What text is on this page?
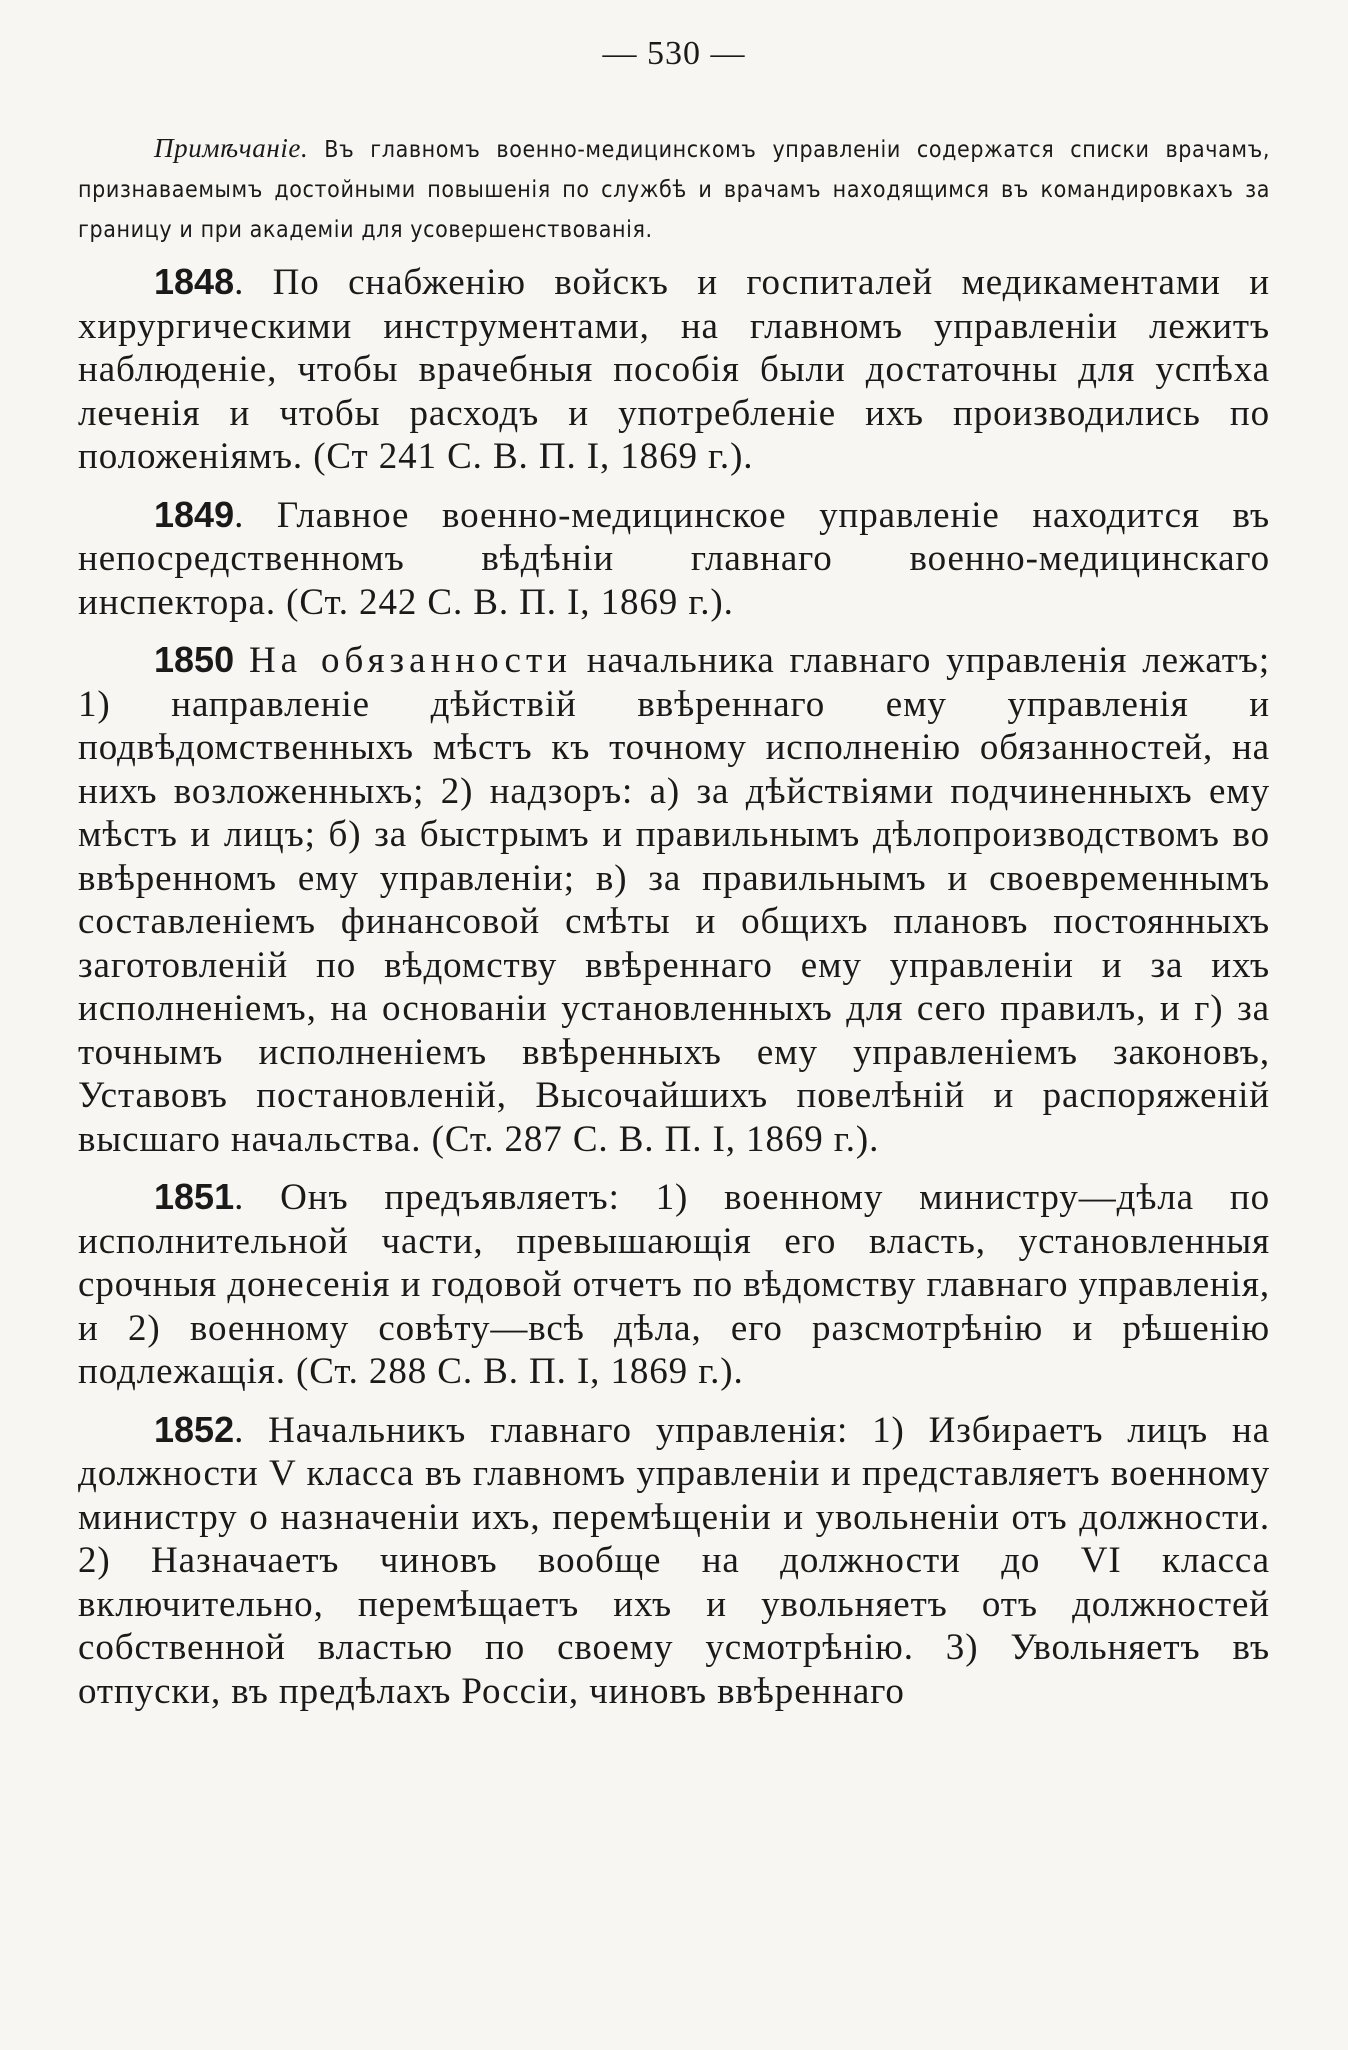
— 530 —

Примѣчаніе. Въ главномъ военно-медицинскомъ управленіи содержатся списки врачамъ, признаваемымъ достойными повышенія по службѣ и врачамъ находящимся въ командировкахъ за границу и при академіи для усовершенствованія.

1848. По снабженію войскъ и госпиталей медикаментами и хирургическими инструментами, на главномъ управленіи лежитъ наблюденіе, чтобы врачебныя пособія были достаточны для успѣха леченія и чтобы расходъ и употребленіе ихъ производились по положеніямъ. (Ст 241 С. В. П. I, 1869 г.).

1849. Главное военно-медицинское управленіе находится въ непосредственномъ вѣдѣніи главнаго военно-медицинскаго инспектора. (Ст. 242 С. В. П. I, 1869 г.).

1850 На обязанности начальника главнаго управленія лежатъ; 1) направленіе дѣйствій ввѣреннаго ему управленія и подвѣдомственныхъ мѣстъ къ точному исполненію обязанностей, на нихъ возложенныхъ; 2) надзоръ: а) за дѣйствіями подчиненныхъ ему мѣстъ и лицъ; б) за быстрымъ и правильнымъ дѣлопроизводствомъ во ввѣренномъ ему управленіи; в) за правильнымъ и своевременнымъ составленіемъ финансовой смѣты и общихъ плановъ постоянныхъ заготовленій по вѣдомству ввѣреннаго ему управленіи и за ихъ исполненіемъ, на основаніи установленныхъ для сего правилъ, и г) за точнымъ исполненіемъ ввѣренныхъ ему управленіемъ законовъ, Уставовъ постановленій, Высочайшихъ повелѣній и распоряженій высшаго начальства. (Ст. 287 С. В. П. I, 1869 г.).

1851. Онъ предъявляетъ: 1) военному министру—дѣла по исполнительной части, превышающія его власть, установленныя срочныя донесенія и годовой отчетъ по вѣдомству главнаго управленія, и 2) военному совѣту—всѣ дѣла, его разсмотрѣнію и рѣшенію подлежащія. (Ст. 288 С. В. П. I, 1869 г.).

1852. Начальникъ главнаго управленія: 1) Избираетъ лицъ на должности V класса въ главномъ управленіи и представляетъ военному министру о назначеніи ихъ, перемѣщеніи и увольненіи отъ должности. 2) Назначаетъ чиновъ вообще на должности до VI класса включительно, перемѣщаетъ ихъ и увольняетъ отъ должностей собственной властью по своему усмотрѣнію. 3) Увольняетъ въ отпуски, въ предѣлахъ Россіи, чиновъ ввѣреннаго
